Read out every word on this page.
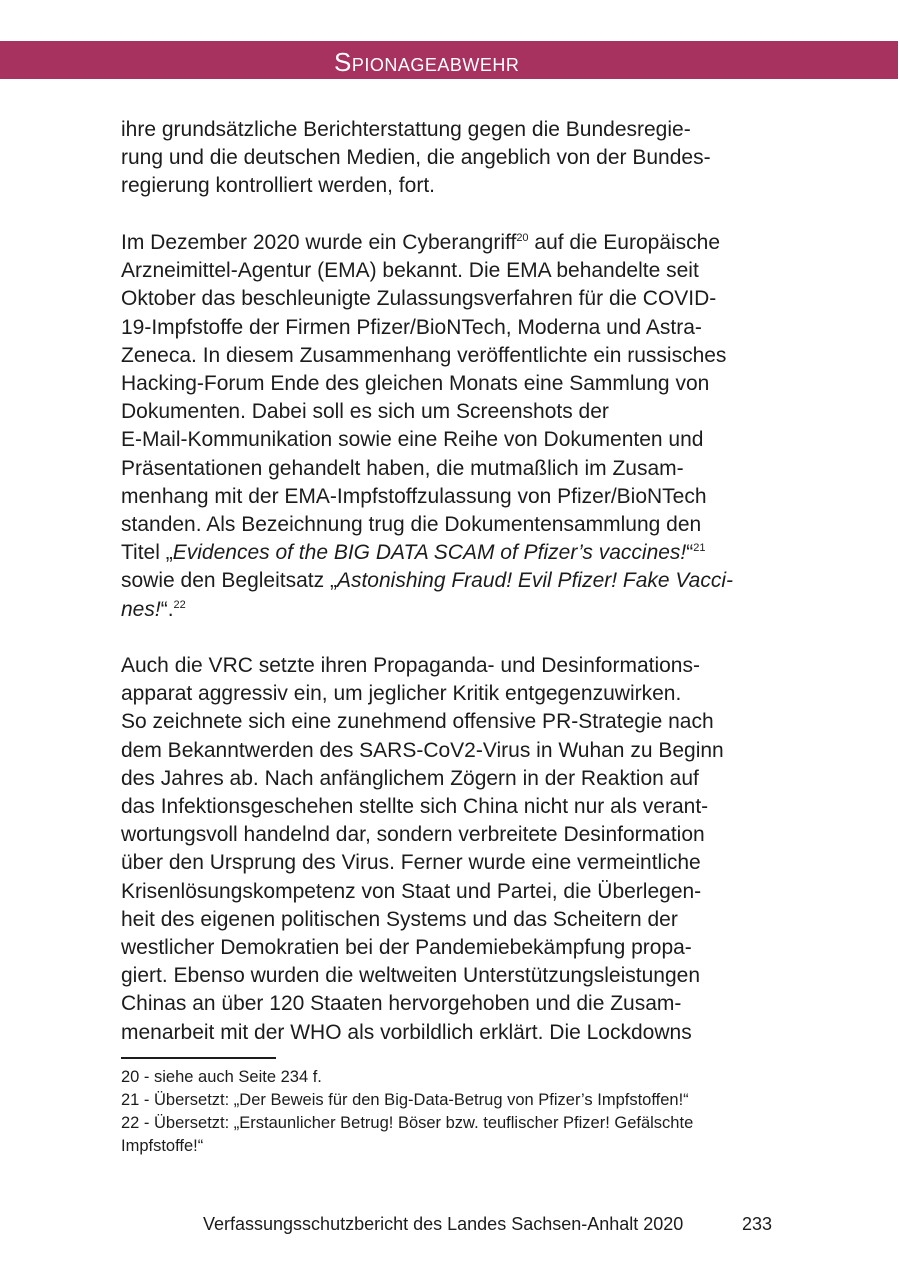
Spionageabwehr

ihre grundsätzliche Berichterstattung gegen die Bundesregie-
rung und die deutschen Medien, die angeblich von der Bundes-
regierung kontrolliert werden, fort.

Im Dezember 2020 wurde ein Cyberangriff$^{20}$ auf die Europäische
Arzneimittel-Agentur (EMA) bekannt. Die EMA behandelte seit
Oktober das beschleunigte Zulassungsverfahren für die COVID-
19-Impfstoffe der Firmen Pfizer/BioNTech, Moderna und Astra-
Zeneca. In diesem Zusammenhang veröffentlichte ein russisches
Hacking-Forum Ende des gleichen Monats eine Sammlung von
Dokumenten. Dabei soll es sich um Screenshots der
E-Mail-Kommunikation sowie eine Reihe von Dokumenten und
Präsentationen gehandelt haben, die mutmaßlich im Zusam-
menhang mit der EMA-Impfstoffzulassung von Pfizer/BioNTech
standen. Als Bezeichnung trug die Dokumentensammlung den
Titel „Evidences of the BIG DATA SCAM of Pfizer’s vaccines!“$^{21}$
sowie den Begleitsatz „Astonishing Fraud! Evil Pfizer! Fake Vacci-
nes!“.$^{22}$

Auch die VRC setzte ihren Propaganda- und Desinformations-
apparat aggressiv ein, um jeglicher Kritik entgegenzuwirken.
So zeichnete sich eine zunehmend offensive PR-Strategie nach
dem Bekanntwerden des SARS-CoV2-Virus in Wuhan zu Beginn
des Jahres ab. Nach anfänglichem Zögern in der Reaktion auf
das Infektionsgeschehen stellte sich China nicht nur als verant-
wortungsvoll handelnd dar, sondern verbreitete Desinformation
über den Ursprung des Virus. Ferner wurde eine vermeintliche
Krisenlösungskompetenz von Staat und Partei, die Überlegen-
heit des eigenen politischen Systems und das Scheitern der
westlicher Demokratien bei der Pandemiebekämpfung propa-
giert. Ebenso wurden die weltweiten Unterstützungsleistungen
Chinas an über 120 Staaten hervorgehoben und die Zusam-
menarbeit mit der WHO als vorbildlich erklärt. Die Lockdowns

20 - siehe auch Seite 234 f.
21 - Übersetzt: „Der Beweis für den Big-Data-Betrug von Pfizer’s Impfstoffen!“
22 - Übersetzt: „Erstaunlicher Betrug! Böser bzw. teuflischer Pfizer! Gefälschte
Impfstoffe!“

Verfassungsschutzbericht des Landes Sachsen-Anhalt 2020	233
